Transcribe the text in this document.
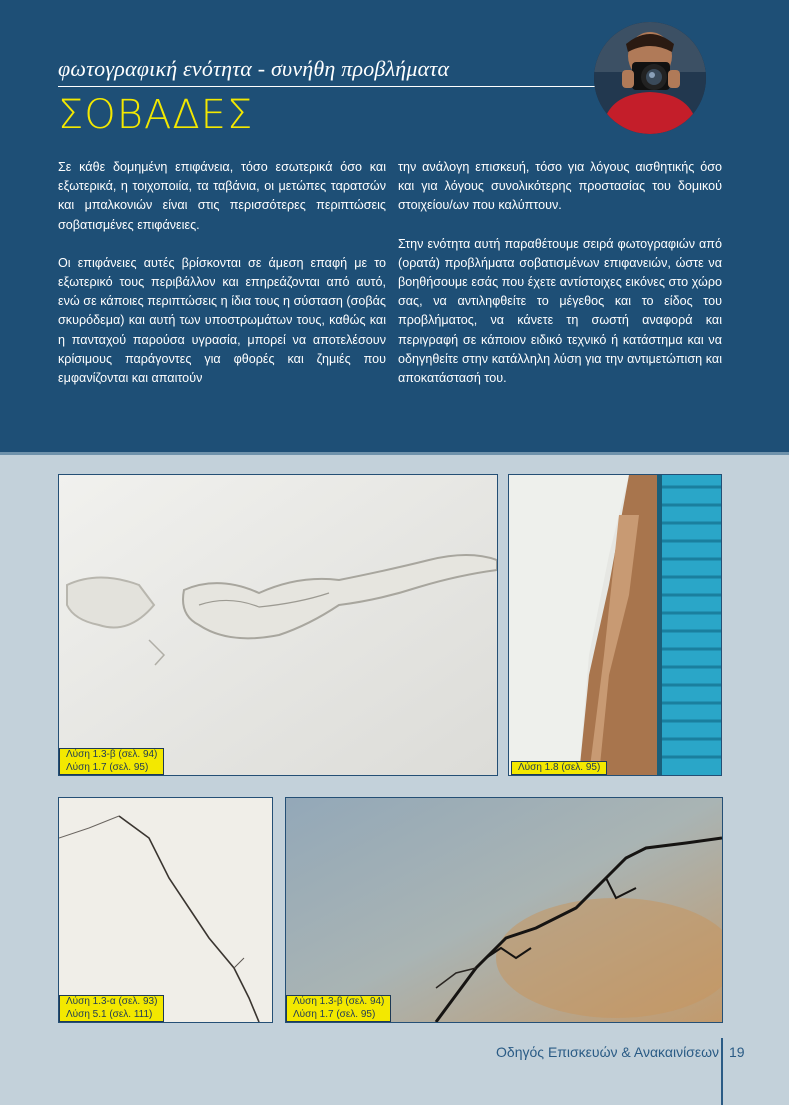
φωτογραφική ενότητα - συνήθη προβλήματα
ΣΟΒΑΔΕΣ

Σε κάθε δομημένη επιφάνεια, τόσο εσωτερικά όσο και εξωτερικά, η τοιχοποιία, τα ταβάνια, οι μετώπες ταρατσών και μπαλκονιών είναι στις περισσότερες περιπτώσεις σοβατισμένες επιφάνειες.

Οι επιφάνειες αυτές βρίσκονται σε άμεση επαφή με το εξωτερικό τους περιβάλλον και επηρεάζονται από αυτό, ενώ σε κάποιες περιπτώσεις η ίδια τους η σύσταση (σοβάς σκυρόδεμα) και αυτή των υποστρωμάτων τους, καθώς και η πανταχού παρούσα υγρασία, μπορεί να αποτελέσουν κρίσιμους παράγοντες για φθορές και ζημιές που εμφανίζονται και απαιτούν

την ανάλογη επισκευή, τόσο για λόγους αισθητικής όσο και για λόγους συνολικότερης προστασίας του δομικού στοιχείου/ων που καλύπτουν.

Στην ενότητα αυτή παραθέτουμε σειρά φωτογραφιών από (ορατά) προβλήματα σοβατισμένων επιφανειών, ώστε να βοηθήσουμε εσάς που έχετε αντίστοιχες εικόνες στο χώρο σας, να αντιληφθείτε το μέγεθος και το είδος του προβλήματος, να κάνετε τη σωστή αναφορά και περιγραφή σε κάποιον ειδικό τεχνικό ή κατάστημα και να οδηγηθείτε στην κατάλληλη λύση για την αντιμετώπιση και αποκατάστασή του.

Λύση 1.3-β (σελ. 94)
Λύση 1.7 (σελ. 95)	Λύση 1.8 (σελ. 95)
Λύση 1.3-α (σελ. 93)
Λύση 5.1 (σελ. 111)
Λύση 1.3-β (σελ. 94)
Λύση 1.7 (σελ. 95)
Οδηγός Επισκευών & Ανακαινίσεων 19
